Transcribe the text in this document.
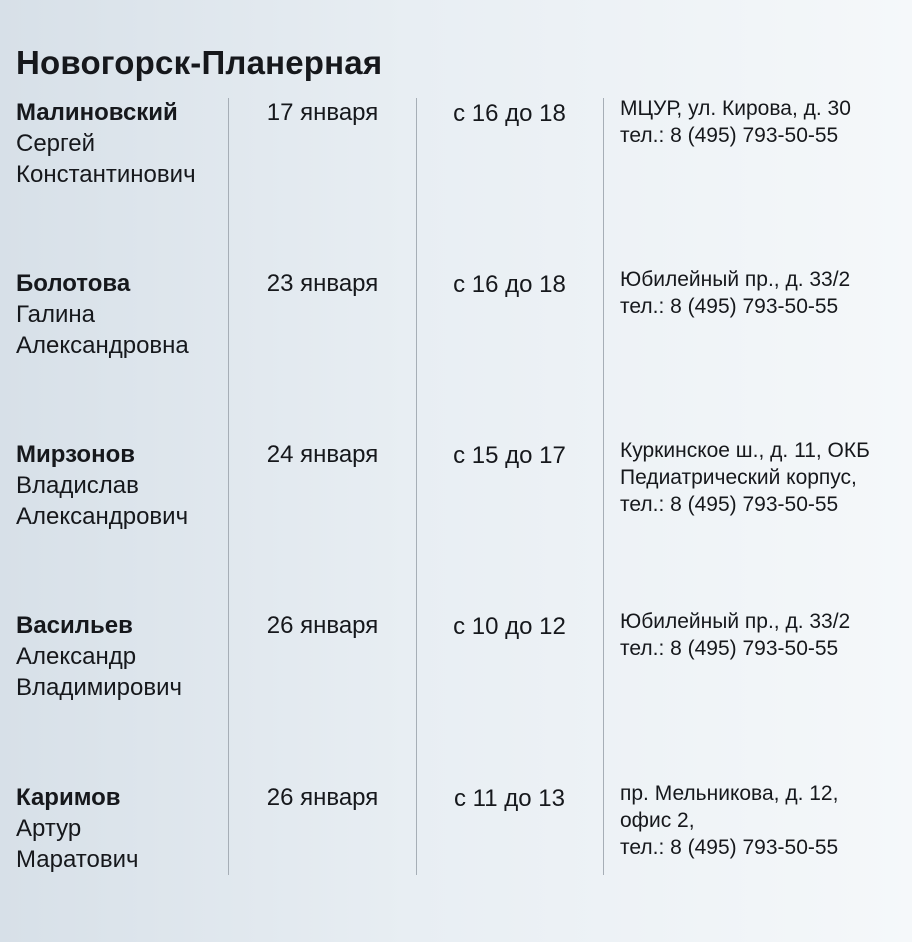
Новогорск-Планерная
Малиновский
Сергей
Константинович
17 января	с 16 до 18	МЦУР, ул. Кирова, д. 30
тел.: 8 (495) 793-50-55
Болотова
Галина
Александровна
23 января	с 16 до 18	Юбилейный пр., д. 33/2
тел.: 8 (495) 793-50-55
Мирзонов
Владислав
Александрович
24 января	с 15 до 17	Куркинское ш., д. 11, ОКБ
Педиатрический корпус,
тел.: 8 (495) 793-50-55
Васильев
Александр
Владимирович
26 января	с 10 до 12	Юбилейный пр., д. 33/2
тел.: 8 (495) 793-50-55
Каримов
Артур
Маратович
26 января	с 11 до 13	пр. Мельникова, д. 12,
офис 2,
тел.: 8 (495) 793-50-55
